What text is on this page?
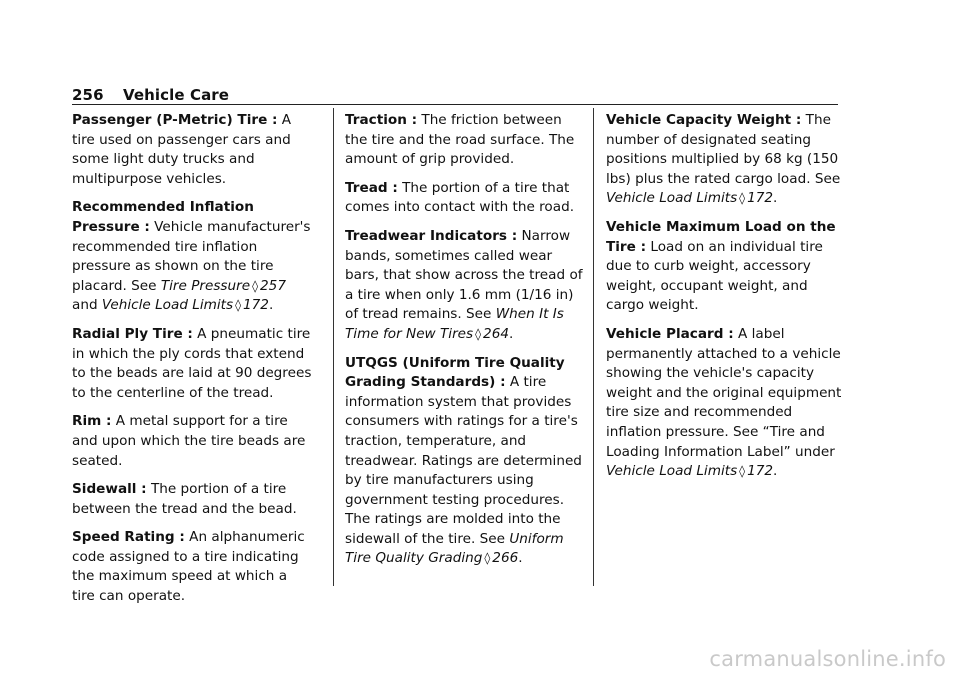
256 Vehicle Care

Passenger (P-Metric) Tire : A tire used on passenger cars and some light duty trucks and multipurpose vehicles.

Recommended Inflation Pressure : Vehicle manufacturer's recommended tire inflation pressure as shown on the tire placard. See Tire Pressure ◊ 257 and Vehicle Load Limits ◊ 172.

Radial Ply Tire : A pneumatic tire in which the ply cords that extend to the beads are laid at 90 degrees to the centerline of the tread.

Rim : A metal support for a tire and upon which the tire beads are seated.

Sidewall : The portion of a tire between the tread and the bead.

Speed Rating : An alphanumeric code assigned to a tire indicating the maximum speed at which a tire can operate.

Traction : The friction between the tire and the road surface. The amount of grip provided.

Tread : The portion of a tire that comes into contact with the road.

Treadwear Indicators : Narrow bands, sometimes called wear bars, that show across the tread of a tire when only 1.6 mm (1/16 in) of tread remains. See When It Is Time for New Tires ◊ 264.

UTQGS (Uniform Tire Quality Grading Standards) : A tire information system that provides consumers with ratings for a tire's traction, temperature, and treadwear. Ratings are determined by tire manufacturers using government testing procedures. The ratings are molded into the sidewall of the tire. See Uniform Tire Quality Grading ◊ 266.

Vehicle Capacity Weight : The number of designated seating positions multiplied by 68 kg (150 lbs) plus the rated cargo load. See Vehicle Load Limits ◊ 172.

Vehicle Maximum Load on the Tire : Load on an individual tire due to curb weight, accessory weight, occupant weight, and cargo weight.

Vehicle Placard : A label permanently attached to a vehicle showing the vehicle's capacity weight and the original equipment tire size and recommended inflation pressure. See “Tire and Loading Information Label” under Vehicle Load Limits ◊ 172.

carmanualsonline.info
